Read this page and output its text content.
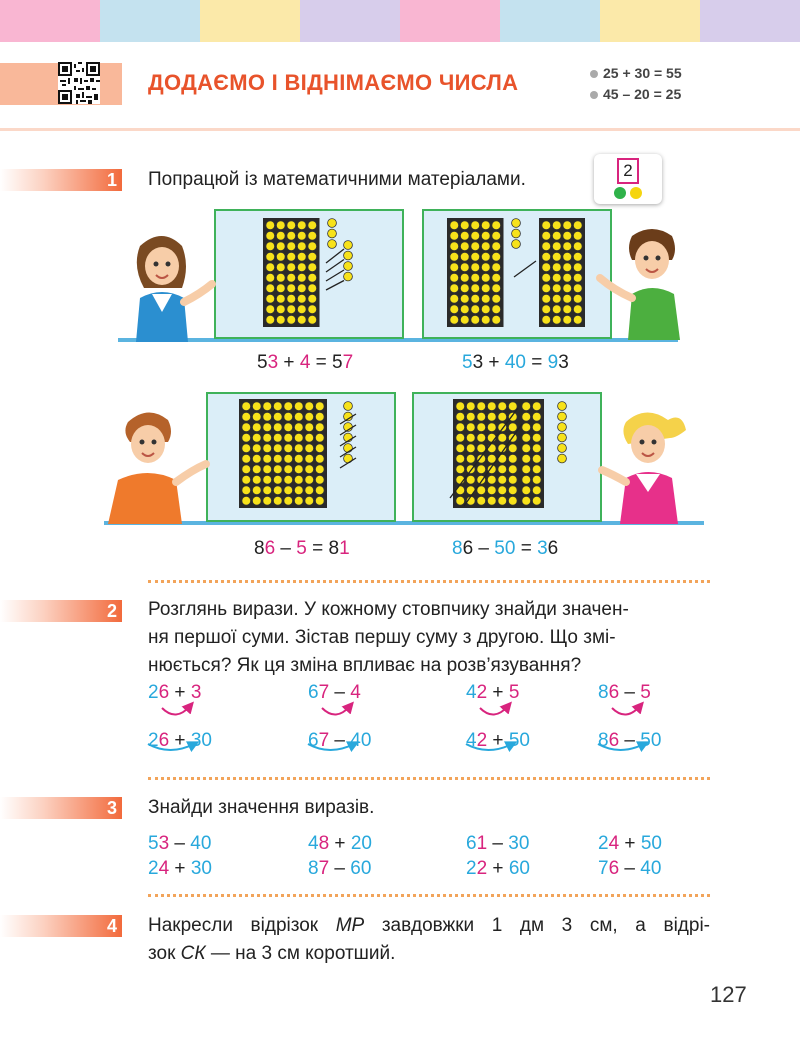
ДОДАЄМО І ВІДНІМАЄМО ЧИСЛА	25 + 30 = 55
45 – 20 = 25
1 Попрацюй із математичними матеріалами.	2
53 + 4 = 57	53 + 40 = 93
86 – 5 = 81	86 – 50 = 36
2 Розглянь вирази. У кожному стовпчику знайди значен-
ня першої суми. Зістав першу суму з другою. Що змі-
нюється? Як ця зміна впливає на розв’язування?
26 + 3	67 – 4	42 + 5	86 – 5
26 + 30	67 – 40	42 + 50	86 – 50
3 Знайди значення виразів.
53 – 40	48 + 20	61 – 30	24 + 50
24 + 30	87 – 60	22 + 60	76 – 40
4 Накресли відрізок МР завдовжки 1 дм 3 см, а відрі-
зок СК — на 3 см коротший.
127
